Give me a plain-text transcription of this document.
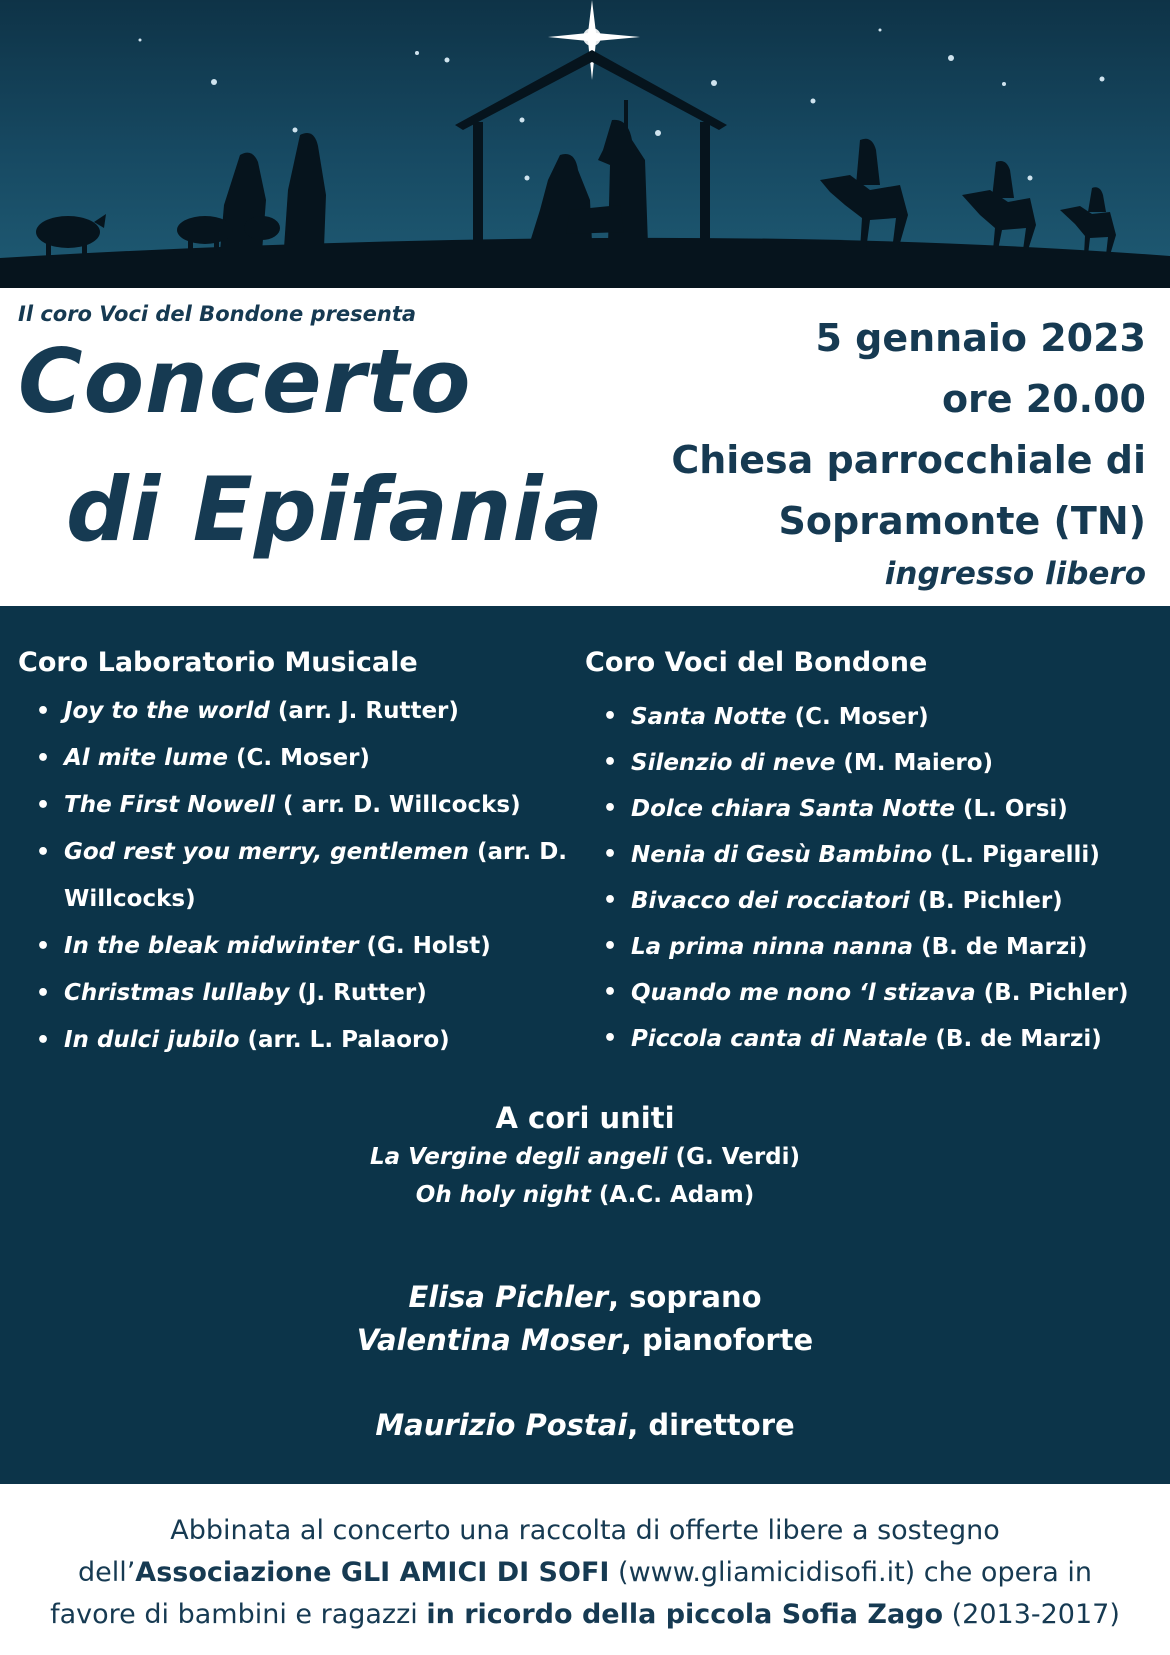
Il coro Voci del Bondone presenta
Concerto
di Epifania
5 gennaio 2023
ore 20.00
Chiesa parrocchiale di
Sopramonte (TN)
ingresso libero
Coro Laboratorio Musicale
• Joy to the world (arr. J. Rutter)
• Al mite lume (C. Moser)
• The First Nowell ( arr. D. Willcocks)
• God rest you merry, gentlemen (arr. D. Willcocks)
• In the bleak midwinter (G. Holst)
• Christmas lullaby (J. Rutter)
• In dulci jubilo (arr. L. Palaoro)
Coro Voci del Bondone
• Santa Notte (C. Moser)
• Silenzio di neve (M. Maiero)
• Dolce chiara Santa Notte (L. Orsi)
• Nenia di Gesù Bambino (L. Pigarelli)
• Bivacco dei rocciatori (B. Pichler)
• La prima ninna nanna (B. de Marzi)
• Quando me nono ‘l stizava (B. Pichler)
• Piccola canta di Natale (B. de Marzi)
A cori uniti
La Vergine degli angeli (G. Verdi)
Oh holy night (A.C. Adam)
Elisa Pichler, soprano
Valentina Moser, pianoforte
Maurizio Postai, direttore
Abbinata al concerto una raccolta di offerte libere a sostegno
dell’Associazione GLI AMICI DI SOFI (www.gliamicidisofi.it) che opera in
favore di bambini e ragazzi in ricordo della piccola Sofia Zago (2013-2017)
